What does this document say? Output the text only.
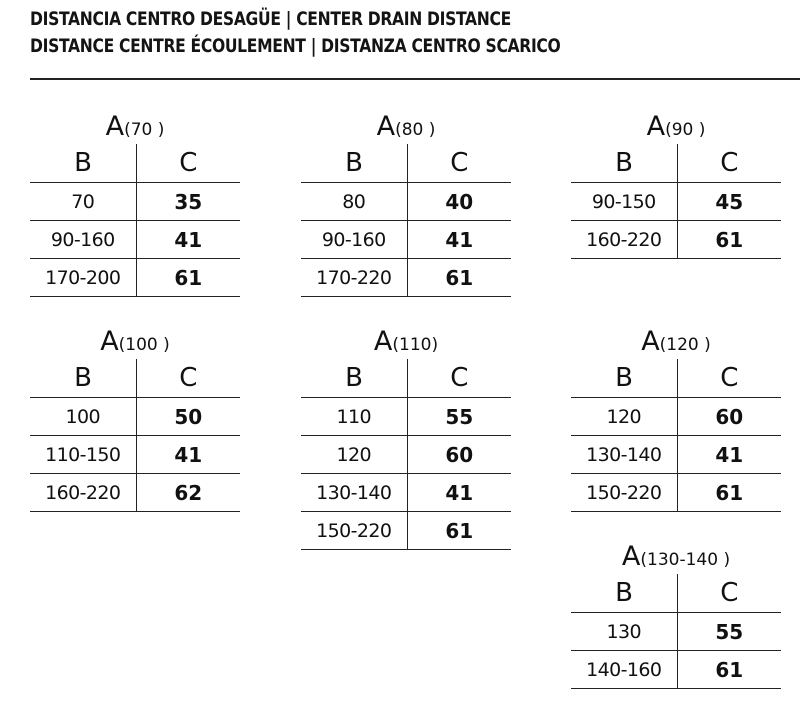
DISTANCIA CENTRO DESAGÜE | CENTER DRAIN DISTANCE
DISTANCE CENTRE ÉCOULEMENT | DISTANZA CENTRO SCARICO
A(70 )
B	C
70	35
90-160	41
170-200	61
A(80 )
B	C
80	40
90-160	41
170-220	61
A(90 )
B	C
90-150	45
160-220	61
A(100 )
B	C
100	50
110-150	41
160-220	62
A(110)
B	C
110	55
120	60
130-140	41
150-220	61
A(120 )
B	C
120	60
130-140	41
150-220	61
A(130-140 )
B	C
130	55
140-160	61
